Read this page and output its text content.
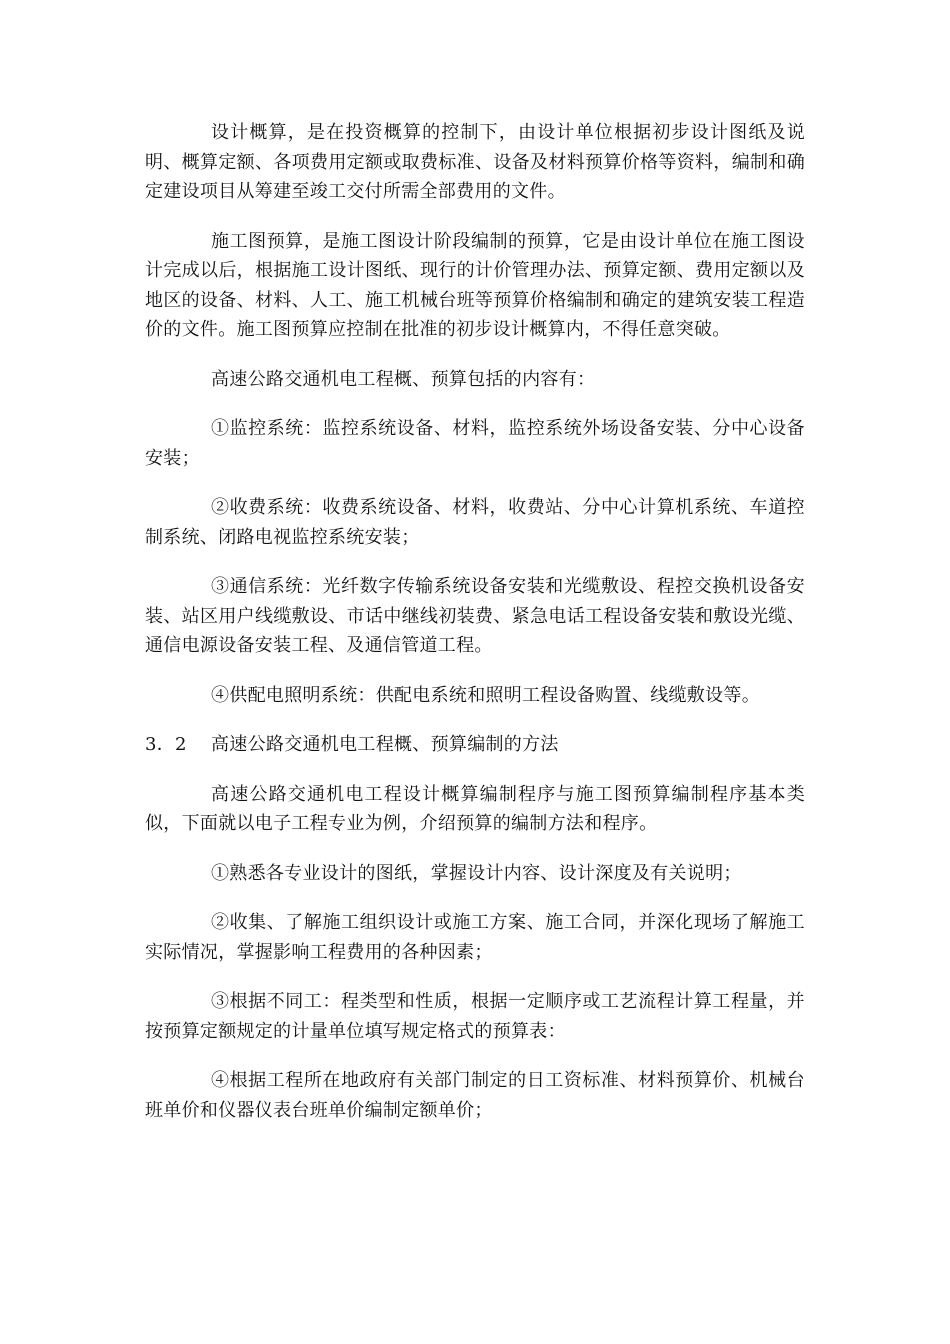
设计概算，是在投资概算的控制下，由设计单位根据初步设计图纸及说明、概算定额、各项费用定额或取费标准、设备及材料预算价格等资料，编制和确定建设项目从筹建至竣工交付所需全部费用的文件。

施工图预算，是施工图设计阶段编制的预算，它是由设计单位在施工图设计完成以后，根据施工设计图纸、现行的计价管理办法、预算定额、费用定额以及地区的设备、材料、人工、施工机械台班等预算价格编制和确定的建筑安装工程造价的文件。施工图预算应控制在批准的初步设计概算内，不得任意突破。

高速公路交通机电工程概、预算包括的内容有：

①监控系统：监控系统设备、材料，监控系统外场设备安装、分中心设备安装；

②收费系统：收费系统设备、材料，收费站、分中心计算机系统、车道控制系统、闭路电视监控系统安装；

③通信系统：光纤数字传输系统设备安装和光缆敷设、程控交换机设备安装、站区用户线缆敷设、市话中继线初装费、紧急电话工程设备安装和敷设光缆、通信电源设备安装工程、及通信管道工程。

④供配电照明系统：供配电系统和照明工程设备购置、线缆敷设等。

3．2 高速公路交通机电工程概、预算编制的方法

高速公路交通机电工程设计概算编制程序与施工图预算编制程序基本类似，下面就以电子工程专业为例，介绍预算的编制方法和程序。

①熟悉各专业设计的图纸，掌握设计内容、设计深度及有关说明；

②收集、了解施工组织设计或施工方案、施工合同，并深化现场了解施工实际情况，掌握影响工程费用的各种因素；

③根据不同工：程类型和性质，根据一定顺序或工艺流程计算工程量，并按预算定额规定的计量单位填写规定格式的预算表：

④根据工程所在地政府有关部门制定的日工资标准、材料预算价、机械台班单价和仪器仪表台班单价编制定额单价；
